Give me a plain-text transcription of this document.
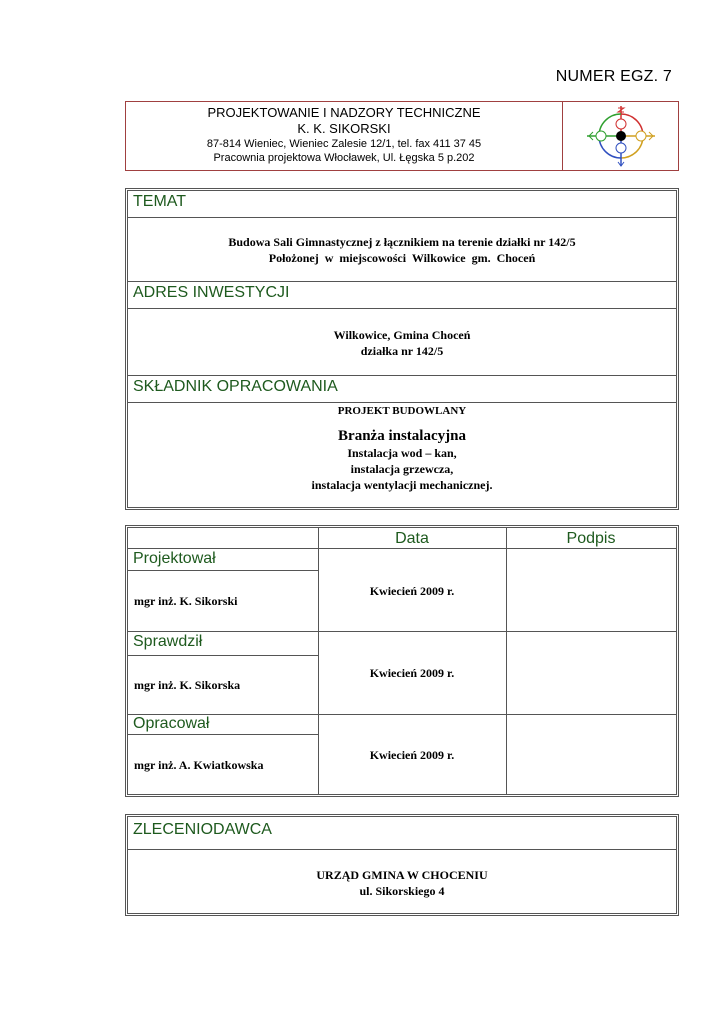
NUMER EGZ. 7
PROJEKTOWANIE I NADZORY TECHNICZNE
K. K. SIKORSKI
87-814 Wieniec, Wieniec Zalesie 12/1, tel. fax 411 37 45
Pracownia projektowa Włocławek, Ul. Łęgska 5 p.202
TEMAT
Budowa Sali Gimnastycznej z łącznikiem na terenie działki nr 142/5
Położonej  w  miejscowości  Wilkowice  gm.  Choceń
ADRES INWESTYCJI
Wilkowice, Gmina Choceń
działka nr 142/5
SKŁADNIK OPRACOWANIA
PROJEKT BUDOWLANY
Branża instalacyjna
Instalacja wod – kan,
instalacja grzewcza,
instalacja wentylacji mechanicznej.
Data	Podpis
Projektował
mgr inż. K. Sikorski
Kwiecień 2009 r.
Sprawdził
mgr inż. K. Sikorska
Kwiecień 2009 r.
Opracował
mgr inż. A. Kwiatkowska
Kwiecień 2009 r.
ZLECENIODAWCA
URZĄD GMINA W CHOCENIU
ul. Sikorskiego 4
